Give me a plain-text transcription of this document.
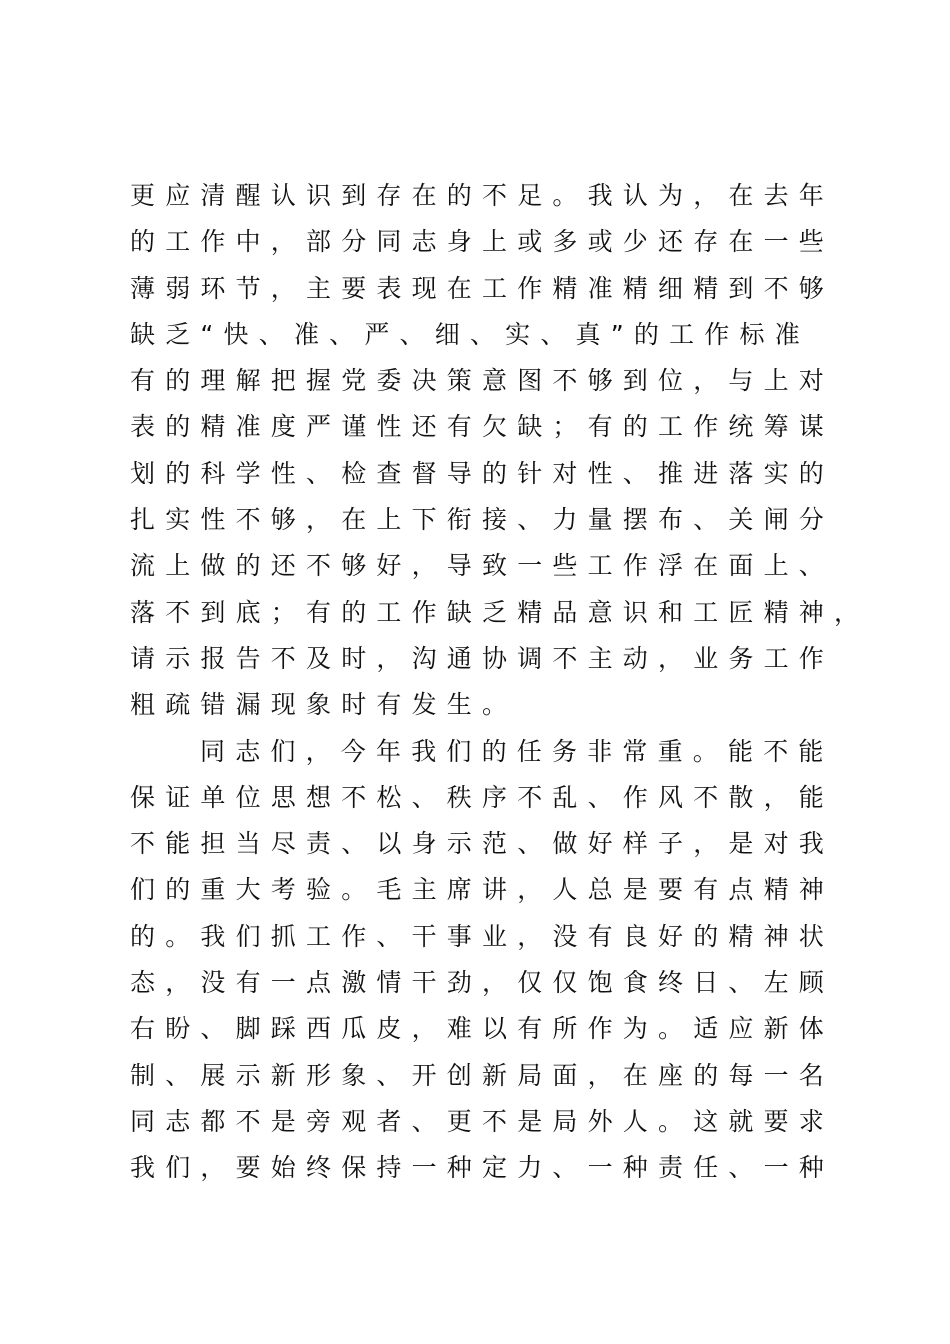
更应清醒认识到存在的不足。我认为，在去年
的工作中，部分同志身上或多或少还存在一些
薄弱环节，主要表现在工作精准精细精到不够
缺乏“快、准、严、细、实、真”的工作标准
有的理解把握党委决策意图不够到位，与上对
表的精准度严谨性还有欠缺；有的工作统筹谋
划的科学性、检查督导的针对性、推进落实的
扎实性不够，在上下衔接、力量摆布、关闸分
流上做的还不够好，导致一些工作浮在面上、
落不到底；有的工作缺乏精品意识和工匠精神，
请示报告不及时，沟通协调不主动，业务工作
粗疏错漏现象时有发生。
同志们，今年我们的任务非常重。能不能
保证单位思想不松、秩序不乱、作风不散，能
不能担当尽责、以身示范、做好样子，是对我
们的重大考验。毛主席讲，人总是要有点精神
的。我们抓工作、干事业，没有良好的精神状
态，没有一点激情干劲，仅仅饱食终日、左顾
右盼、脚踩西瓜皮，难以有所作为。适应新体
制、展示新形象、开创新局面，在座的每一名
同志都不是旁观者、更不是局外人。这就要求
我们，要始终保持一种定力、一种责任、一种
